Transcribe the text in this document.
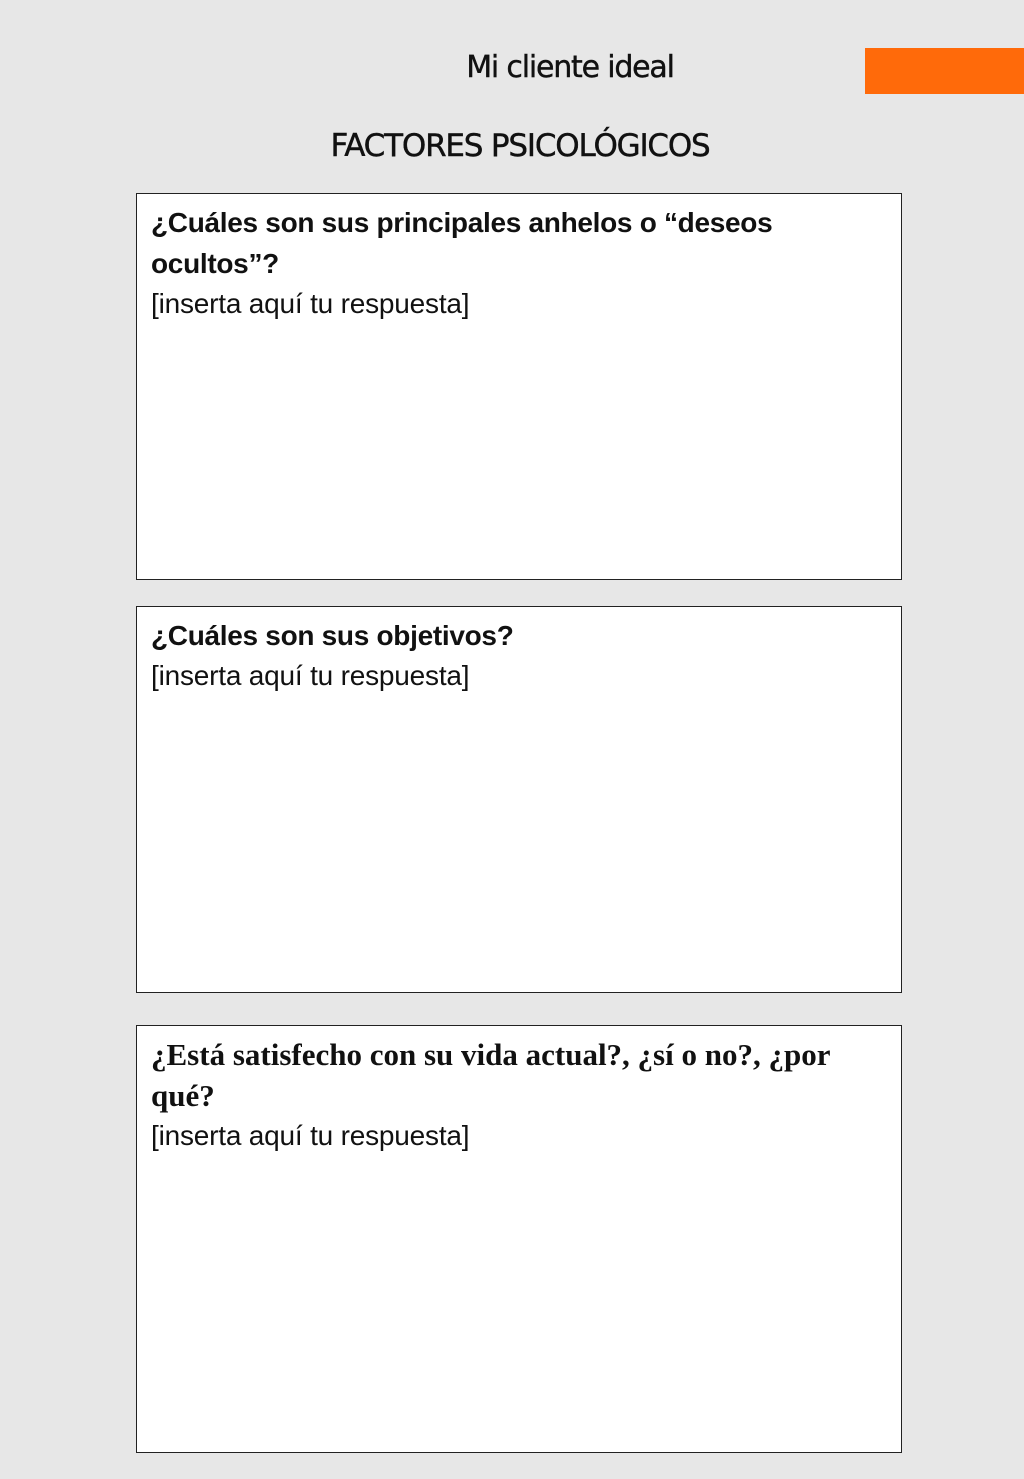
Mi cliente ideal
FACTORES PSICOLÓGICOS
¿Cuáles son sus principales anhelos o “deseos ocultos”?
[inserta aquí tu respuesta]
¿Cuáles son sus objetivos?
[inserta aquí tu respuesta]
¿Está satisfecho con su vida actual?, ¿sí o no?, ¿por qué?
[inserta aquí tu respuesta]
